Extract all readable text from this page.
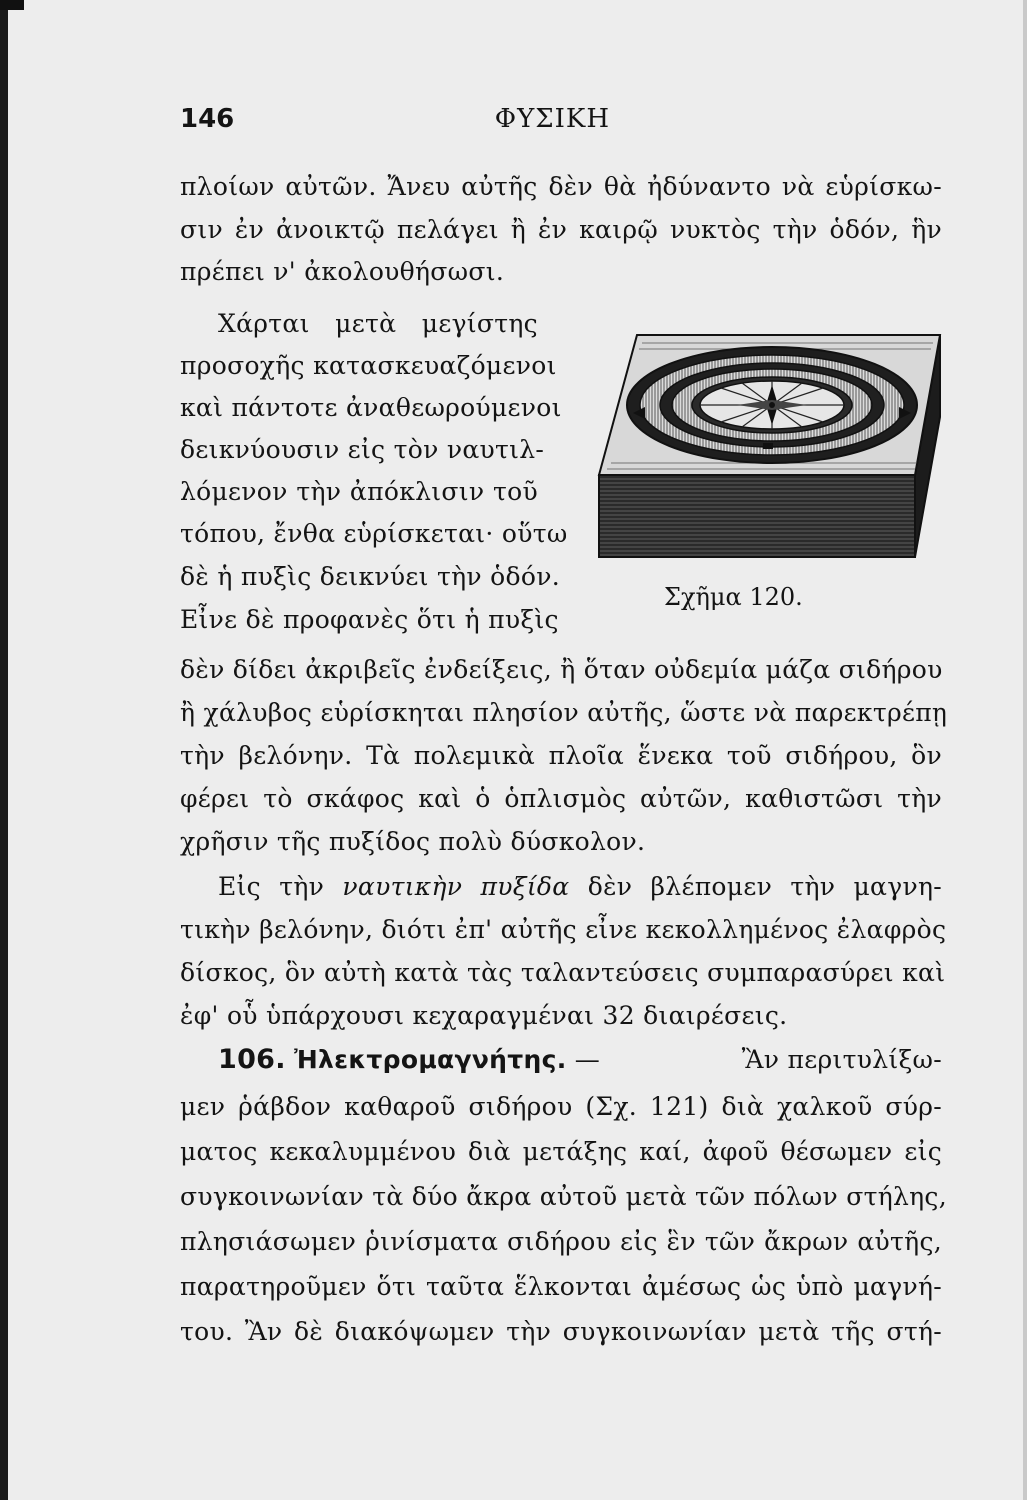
146	ΦΥΣΙΚΗ
πλοίων αὐτῶν. Ἄνευ αὐτῆς δὲν θὰ ἠδύναντο νὰ εὑρίσκω-
σιν ἐν ἀνοικτῷ πελάγει ἢ ἐν καιρῷ νυκτὸς τὴν ὁδόν, ἣν
πρέπει ν' ἀκολουθήσωσι.
Χάρται μετὰ μεγίστης
προσοχῆς κατασκευαζόμενοι
καὶ πάντοτε ἀναθεωρούμενοι
δεικνύουσιν εἰς τὸν ναυτιλ-
λόμενον τὴν ἀπόκλισιν τοῦ
τόπου, ἔνθα εὑρίσκεται· οὕτω
δὲ ἡ πυξὶς δεικνύει τὴν ὁδόν.
Εἶνε δὲ προφανὲς ὅτι ἡ πυξὶς
δὲν δίδει ἀκριβεῖς ἐνδείξεις, ἢ ὅταν οὐδεμία μάζα σιδήρου
ἢ χάλυβος εὑρίσκηται πλησίον αὐτῆς, ὥστε νὰ παρεκτρέπῃ
τὴν βελόνην. Τὰ πολεμικὰ πλοῖα ἕνεκα τοῦ σιδήρου, ὃν
φέρει τὸ σκάφος καὶ ὁ ὁπλισμὸς αὐτῶν, καθιστῶσι τὴν
χρῆσιν τῆς πυξίδος πολὺ δύσκολον.
Εἰς τὴν ναυτικὴν πυξίδα δὲν βλέπομεν τὴν μαγνη-
τικὴν βελόνην, διότι ἐπ' αὐτῆς εἶνε κεκολλημένος ἐλαφρὸς
δίσκος, ὃν αὐτὴ κατὰ τὰς ταλαντεύσεις συμπαρασύρει καὶ
ἐφ' οὗ ὑπάρχουσι κεχαραγμέναι 32 διαιρέσεις.
106. Ἠλεκτρομαγνήτης. —	Ἂν περιτυλίξω-
μεν ῥάβδον καθαροῦ σιδήρου (Σχ. 121) διὰ χαλκοῦ σύρ-
ματος κεκαλυμμένου διὰ μετάξης καί, ἀφοῦ θέσωμεν εἰς
συγκοινωνίαν τὰ δύο ἄκρα αὐτοῦ μετὰ τῶν πόλων στήλης,
πλησιάσωμεν ῥινίσματα σιδήρου εἰς ἓν τῶν ἄκρων αὐτῆς,
παρατηροῦμεν ὅτι ταῦτα ἕλκονται ἀμέσως ὡς ὑπὸ μαγνή-
του. Ἂν δὲ διακόψωμεν τὴν συγκοινωνίαν μετὰ τῆς στή-
Σχῆμα 120.
